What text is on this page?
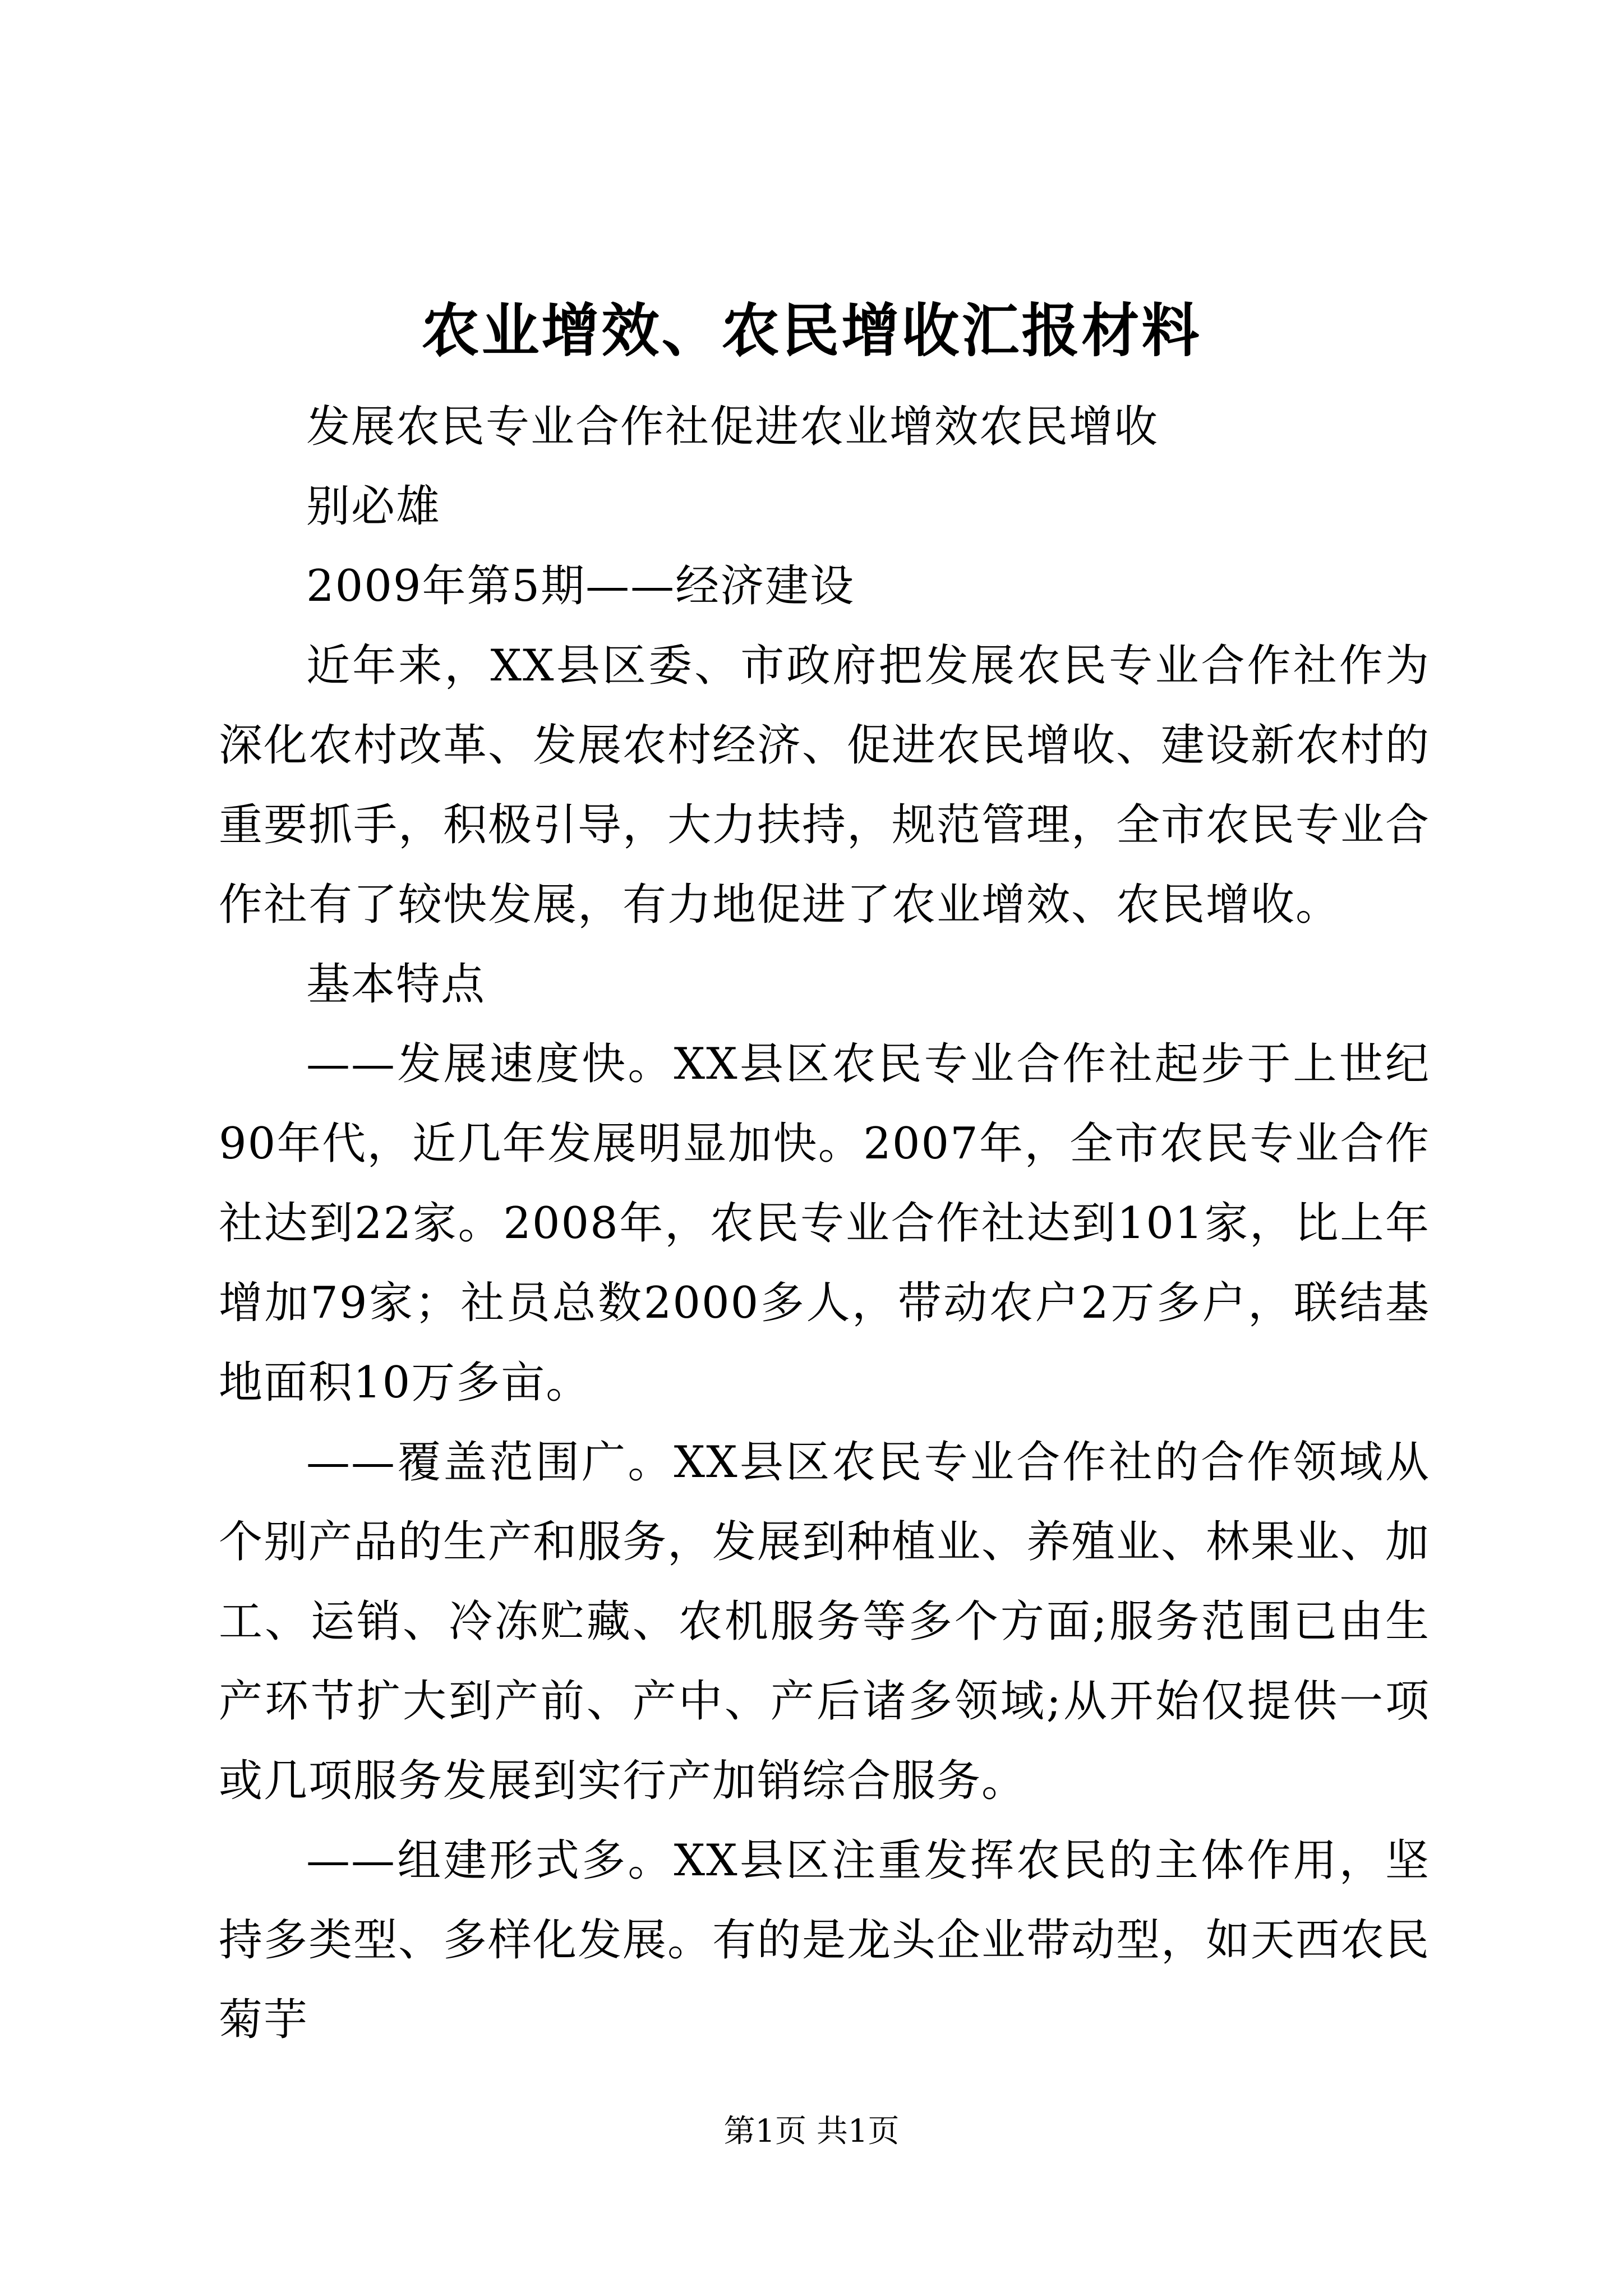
农业增效、农民增收汇报材料

发展农民专业合作社促进农业增效农民增收

别必雄

2009年第5期——经济建设

近年来，XX县区委、市政府把发展农民专业合作社作为深化农村改革、发展农村经济、促进农民增收、建设新农村的重要抓手，积极引导，大力扶持，规范管理，全市农民专业合作社有了较快发展，有力地促进了农业增效、农民增收。

基本特点

——发展速度快。XX县区农民专业合作社起步于上世纪90年代，近几年发展明显加快。2007年，全市农民专业合作社达到22家。2008年，农民专业合作社达到101家，比上年增加79家；社员总数2000多人，带动农户2万多户，联结基地面积10万多亩。

——覆盖范围广。XX县区农民专业合作社的合作领域从个别产品的生产和服务，发展到种植业、养殖业、林果业、加工、运销、冷冻贮藏、农机服务等多个方面;服务范围已由生产环节扩大到产前、产中、产后诸多领域;从开始仅提供一项或几项服务发展到实行产加销综合服务。

——组建形式多。XX县区注重发挥农民的主体作用，坚持多类型、多样化发展。有的是龙头企业带动型，如天西农民菊芋

第1页 共1页
